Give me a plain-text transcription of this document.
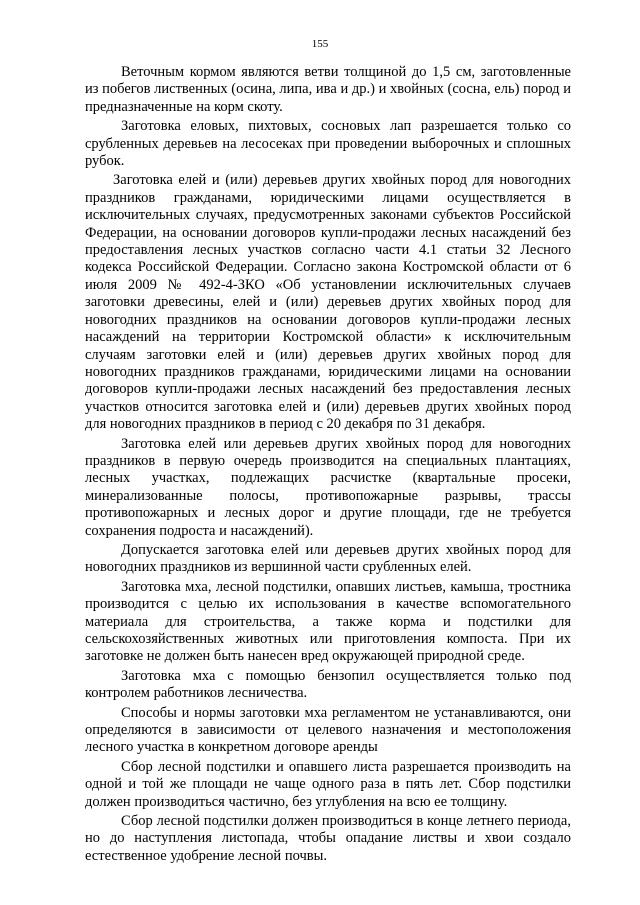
155

Веточным кормом являются ветви толщиной до 1,5 см, заготовленные из побегов лиственных (осина, липа, ива и др.) и хвойных (сосна, ель) пород и предназначенные на корм скоту.

Заготовка еловых, пихтовых, сосновых лап разрешается только со срубленных деревьев на лесосеках при проведении выборочных и сплошных рубок.

Заготовка елей и (или) деревьев других хвойных пород для новогодних праздников гражданами, юридическими лицами осуществляется в исключительных случаях, предусмотренных законами субъектов Российской Федерации, на основании договоров купли-продажи лесных насаждений без предоставления лесных участков согласно части 4.1 статьи 32 Лесного кодекса Российской Федерации. Согласно закона Костромской области от 6 июля 2009 № 492-4-ЗКО «Об установлении исключительных случаев заготовки древесины, елей и (или) деревьев других хвойных пород для новогодних праздников на основании договоров купли-продажи лесных насаждений на территории Костромской области» к исключительным случаям заготовки елей и (или) деревьев других хвойных пород для новогодних праздников гражданами, юридическими лицами на основании договоров купли-продажи лесных насаждений без предоставления лесных участков относится заготовка елей и (или) деревьев других хвойных пород для новогодних праздников в период с 20 декабря по 31 декабря.

Заготовка елей или деревьев других хвойных пород для новогодних праздников в первую очередь производится на специальных плантациях, лесных участках, подлежащих расчистке (квартальные просеки, минерализованные полосы, противопожарные разрывы, трассы противопожарных и лесных дорог и другие площади, где не требуется сохранения подроста и насаждений).

Допускается заготовка елей или деревьев других хвойных пород для новогодних праздников из вершинной части срубленных елей.

Заготовка мха, лесной подстилки, опавших листьев, камыша, тростника производится с целью их использования в качестве вспомогательного материала для строительства, а также корма и подстилки для сельскохозяйственных животных или приготовления компоста. При их заготовке не должен быть нанесен вред окружающей природной среде.

Заготовка мха с помощью бензопил осуществляется только под контролем работников лесничества.

Способы и нормы заготовки мха регламентом не устанавливаются, они определяются в зависимости от целевого назначения и местоположения лесного участка в конкретном договоре аренды

Сбор лесной подстилки и опавшего листа разрешается производить на одной и той же площади не чаще одного раза в пять лет. Сбор подстилки должен производиться частично, без углубления на всю ее толщину.

Сбор лесной подстилки должен производиться в конце летнего периода, но до наступления листопада, чтобы опадание листвы и хвои создало естественное удобрение лесной почвы.
